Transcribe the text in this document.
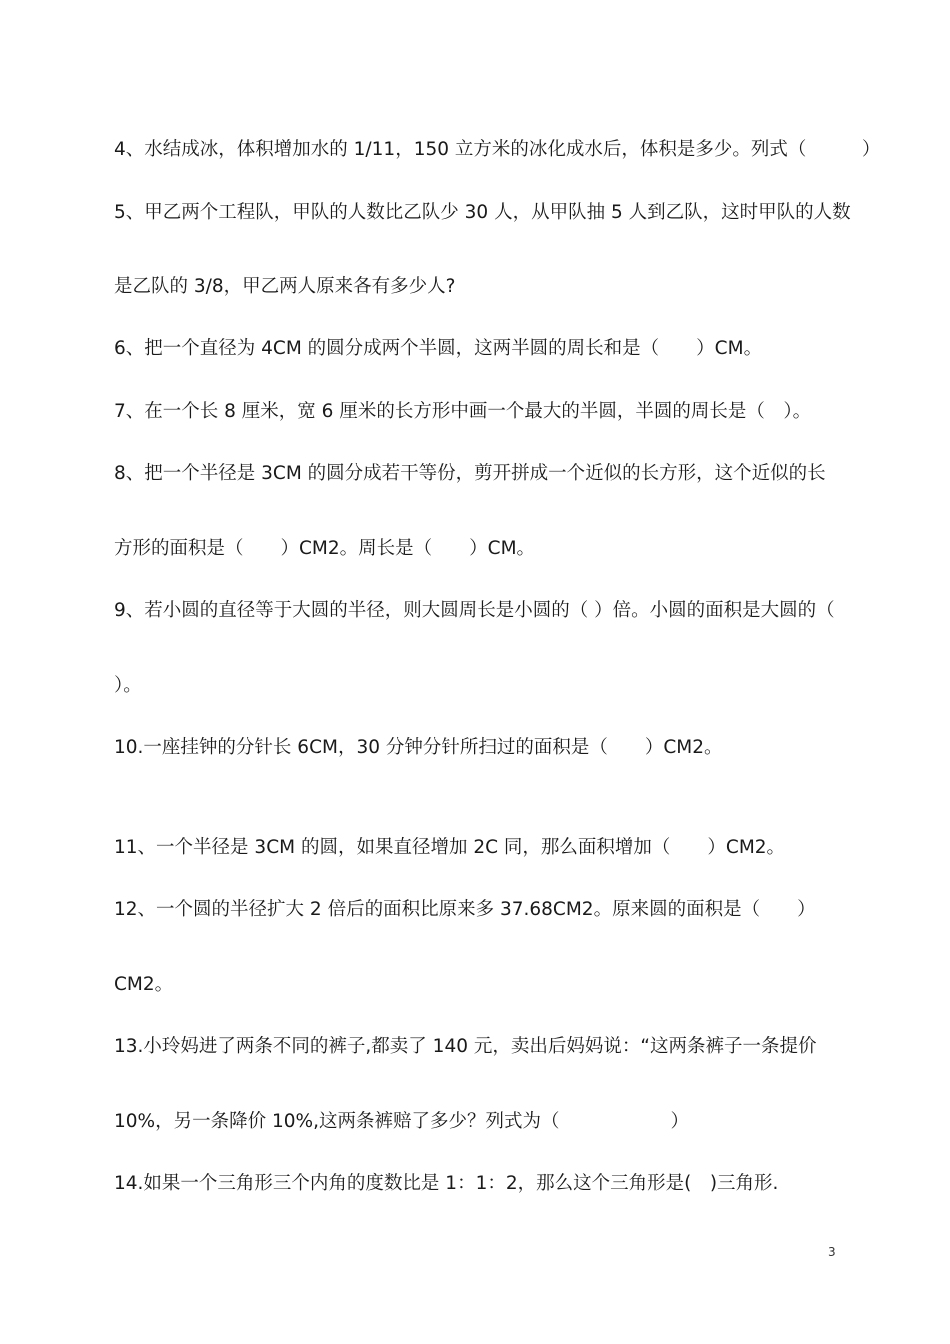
4、水结成冰，体积增加水的 1/11，150 立方米的冰化成水后，体积是多少。列式（　　　）
5、甲乙两个工程队，甲队的人数比乙队少 30 人，从甲队抽 5 人到乙队，这时甲队的人数
是乙队的 3/8，甲乙两人原来各有多少人?
6、把一个直径为 4CM 的圆分成两个半圆，这两半圆的周长和是（　　）CM。
7、在一个长 8 厘米，宽 6 厘米的长方形中画一个最大的半圆，半圆的周长是（　）。
8、把一个半径是 3CM 的圆分成若干等份，剪开拼成一个近似的长方形，这个近似的长
方形的面积是（　　）CM2。周长是（　　）CM。
9、若小圆的直径等于大圆的半径，则大圆周长是小圆的（ ）倍。小圆的面积是大圆的（
）。
10.一座挂钟的分针长 6CM，30 分钟分针所扫过的面积是（　　）CM2。
11、一个半径是 3CM 的圆，如果直径增加 2C 同，那么面积增加（　　）CM2。
12、一个圆的半径扩大 2 倍后的面积比原来多 37.68CM2。原来圆的面积是（　　）
CM2。
13.小玲妈进了两条不同的裤子,都卖了 140 元，卖出后妈妈说：“这两条裤子一条提价
10%，另一条降价 10%,这两条裤赔了多少？列式为（　　　　　　）
14.如果一个三角形三个内角的度数比是 1：1：2，那么这个三角形是(　)三角形.
3
